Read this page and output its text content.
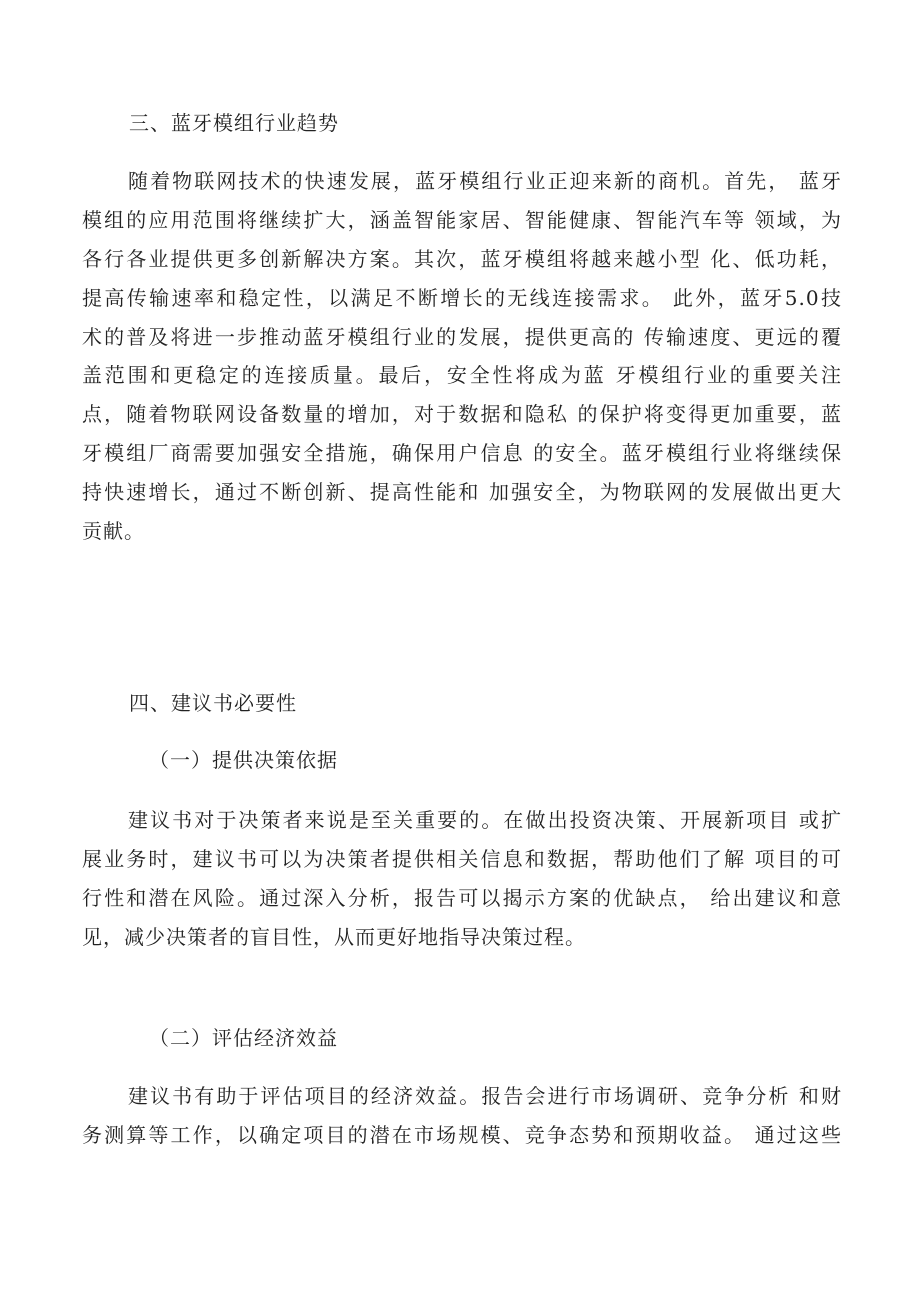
三、蓝牙模组行业趋势
随着物联网技术的快速发展，蓝牙模组行业正迎来新的商机。首先， 蓝牙
模组的应用范围将继续扩大，涵盖智能家居、智能健康、智能汽车等 领域，为
各行各业提供更多创新解决方案。其次，蓝牙模组将越来越小型 化、低功耗，
提高传输速率和稳定性，以满足不断增长的无线连接需求。 此外，蓝牙5.0技
术的普及将进一步推动蓝牙模组行业的发展，提供更高的 传输速度、更远的覆
盖范围和更稳定的连接质量。最后，安全性将成为蓝 牙模组行业的重要关注
点，随着物联网设备数量的增加，对于数据和隐私 的保护将变得更加重要，蓝
牙模组厂商需要加强安全措施，确保用户信息 的安全。蓝牙模组行业将继续保
持快速增长，通过不断创新、提高性能和 加强安全，为物联网的发展做出更大
贡献。
四、建议书必要性
（一）提供决策依据
建议书对于决策者来说是至关重要的。在做出投资决策、开展新项目 或扩
展业务时，建议书可以为决策者提供相关信息和数据，帮助他们了解 项目的可
行性和潜在风险。通过深入分析，报告可以揭示方案的优缺点， 给出建议和意
见，减少决策者的盲目性，从而更好地指导决策过程。
（二）评估经济效益
建议书有助于评估项目的经济效益。报告会进行市场调研、竞争分析 和财
务测算等工作，以确定项目的潜在市场规模、竞争态势和预期收益。 通过这些
